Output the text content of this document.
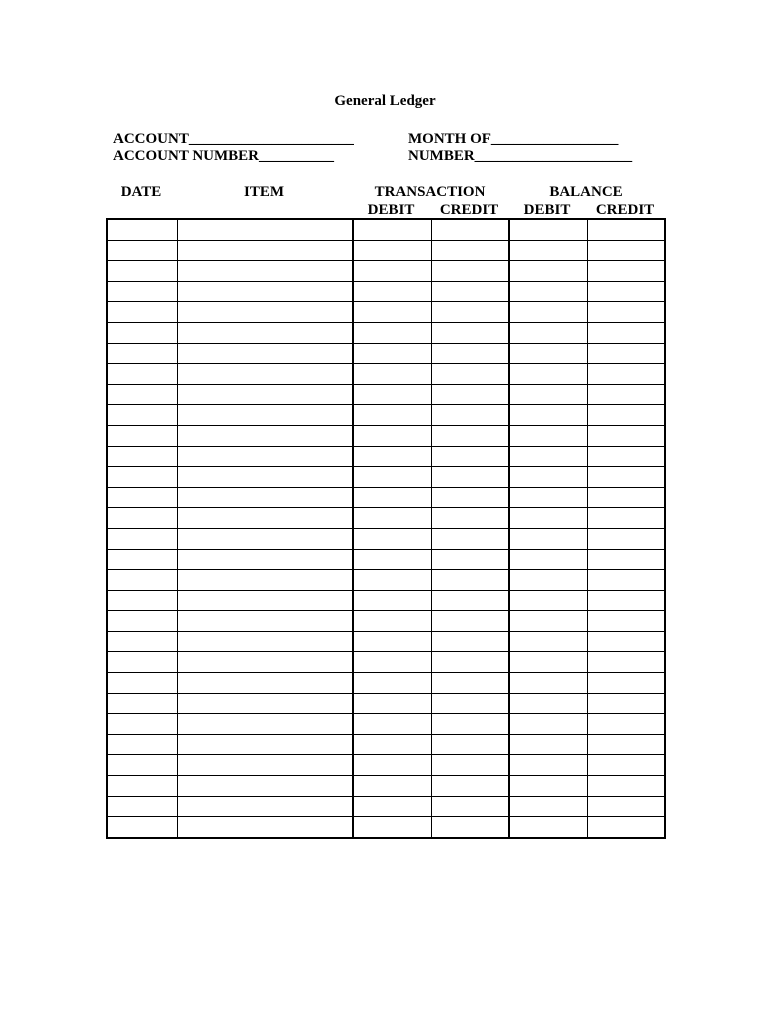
General Ledger
ACCOUNT______________________
ACCOUNT NUMBER__________
MONTH OF_________________
NUMBER_____________________
DATE	ITEM	TRANSACTION	BALANCE
DEBIT	CREDIT	DEBIT	CREDIT
